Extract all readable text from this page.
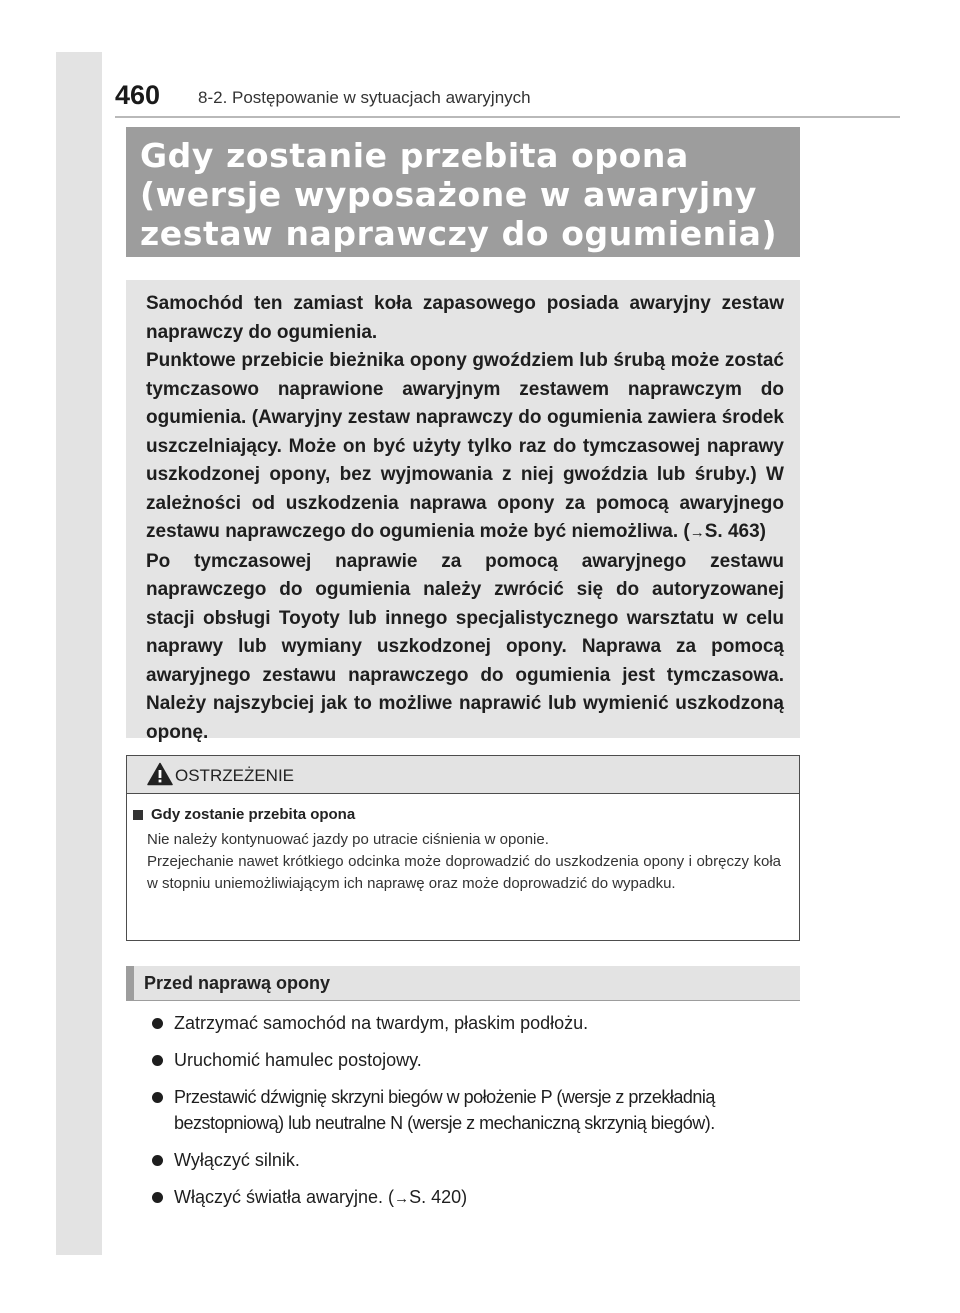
460 8-2. Postępowanie w sytuacjach awaryjnych
Gdy zostanie przebita opona (wersje wyposażone w awaryjny zestaw naprawczy do ogumienia)

Samochód ten zamiast koła zapasowego posiada awaryjny zestaw naprawczy do ogumienia.

Punktowe przebicie bieżnika opony gwoździem lub śrubą może zostać tymczasowo naprawione awaryjnym zestawem naprawczym do ogumienia. (Awaryjny zestaw naprawczy do ogumienia zawiera środek uszczelniający. Może on być użyty tylko raz do tymczasowej naprawy uszkodzonej opony, bez wyjmowania z niej gwoździa lub śruby.) W zależności od uszkodzenia naprawa opony za pomocą awaryjnego zestawu naprawczego do ogumienia może być niemożliwa. (→S. 463)

Po tymczasowej naprawie za pomocą awaryjnego zestawu naprawczego do ogumienia należy zwrócić się do autoryzowanej stacji obsługi Toyoty lub innego specjalistycznego warsztatu w celu naprawy lub wymiany uszkodzonej opony. Naprawa za pomocą awaryjnego zestawu naprawczego do ogumienia jest tymczasowa. Należy najszybciej jak to możliwe naprawić lub wymienić uszkodzoną oponę.

OSTRZEŻENIE
Gdy zostanie przebita opona

Nie należy kontynuować jazdy po utracie ciśnienia w oponie.

Przejechanie nawet krótkiego odcinka może doprowadzić do uszkodzenia opony i obręczy koła w stopniu uniemożliwiającym ich naprawę oraz może doprowadzić do wypadku.

Przed naprawą opony
Zatrzymać samochód na twardym, płaskim podłożu.
Uruchomić hamulec postojowy.
Przestawić dźwignię skrzyni biegów w położenie P (wersje z przekładnią bezstopniową) lub neutralne N (wersje z mechaniczną skrzynią biegów).
Wyłączyć silnik.
Włączyć światła awaryjne. (→S. 420)
